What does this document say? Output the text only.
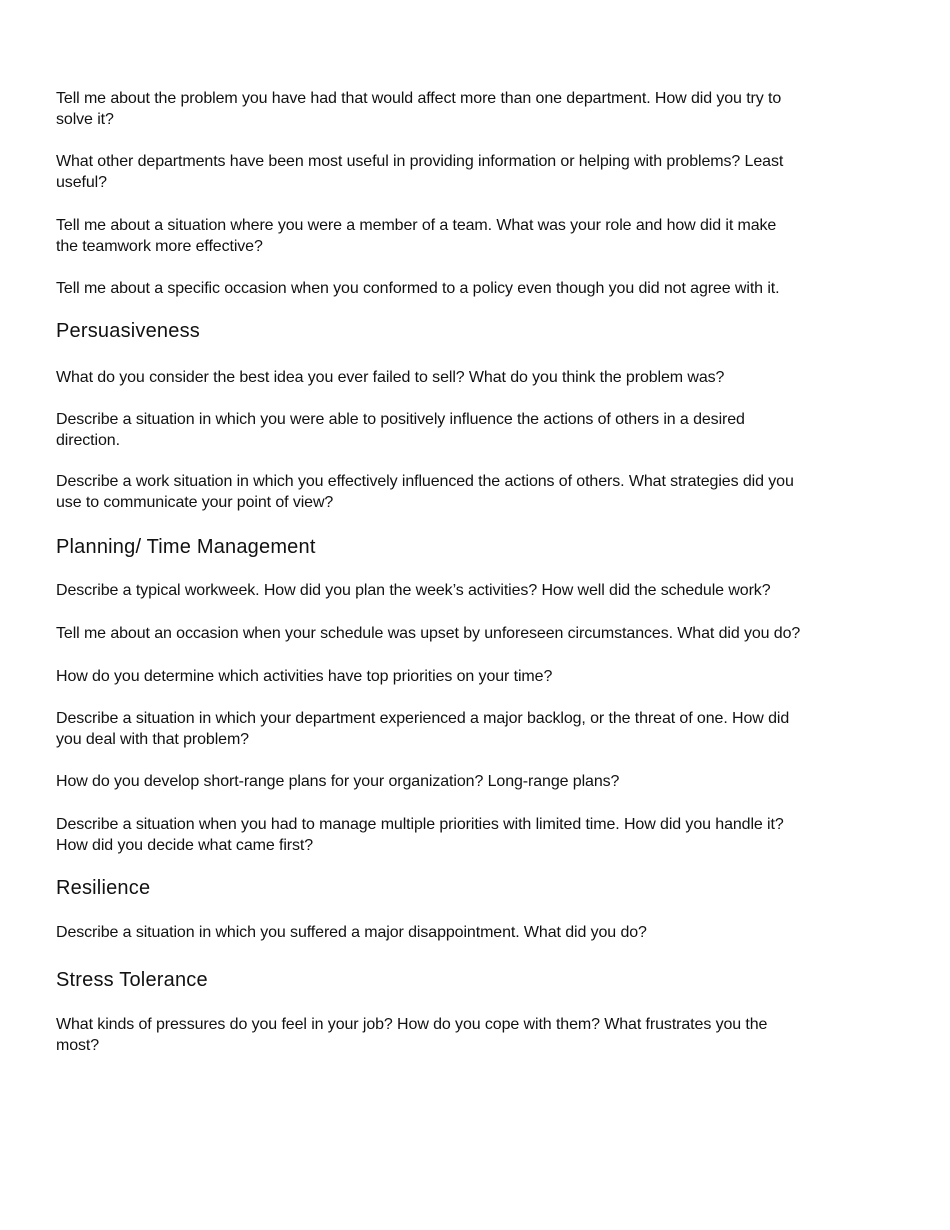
Tell me about the problem you have had that would affect more than one department. How did you try to
solve it?
What other departments have been most useful in providing information or helping with problems? Least
useful?
Tell me about a situation where you were a member of a team. What was your role and how did it make
the teamwork more effective?
Tell me about a specific occasion when you conformed to a policy even though you did not agree with it.
Persuasiveness
What do you consider the best idea you ever failed to sell? What do you think the problem was?
Describe a situation in which you were able to positively influence the actions of others in a desired
direction.
Describe a work situation in which you effectively influenced the actions of others. What strategies did you
use to communicate your point of view?
Planning/ Time Management
Describe a typical workweek. How did you plan the week’s activities? How well did the schedule work?
Tell me about an occasion when your schedule was upset by unforeseen circumstances. What did you do?
How do you determine which activities have top priorities on your time?
Describe a situation in which your department experienced a major backlog, or the threat of one. How did
you deal with that problem?
How do you develop short-range plans for your organization? Long-range plans?
Describe a situation when you had to manage multiple priorities with limited time. How did you handle it?
How did you decide what came first?
Resilience
Describe a situation in which you suffered a major disappointment. What did you do?
Stress Tolerance
What kinds of pressures do you feel in your job? How do you cope with them? What frustrates you the
most?
